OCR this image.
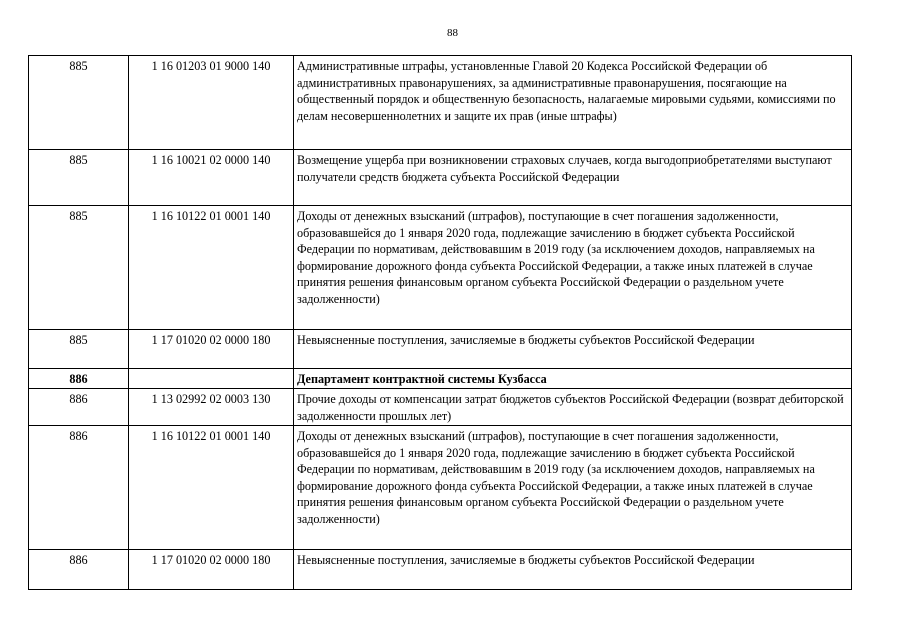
88
885	1 16 01203 01 9000 140	Административные штрафы, установленные Главой 20 Кодекса Российской Федерации об административных правонарушениях, за административные правонарушения, посягающие на общественный порядок и общественную безопасность, налагаемые мировыми судьями, комиссиями по делам несовершеннолетних и защите их прав (иные штрафы)
885	1 16 10021 02 0000 140	Возмещение ущерба при возникновении страховых случаев, когда выгодоприобретателями выступают получатели средств бюджета субъекта Российской Федерации
885	1 16 10122 01 0001 140	Доходы от денежных взысканий (штрафов), поступающие в счет погашения задолженности, образовавшейся до 1 января 2020 года, подлежащие зачислению в бюджет субъекта Российской Федерации по нормативам, действовавшим в 2019 году (за исключением доходов, направляемых на формирование дорожного фонда субъекта Российской Федерации, а также иных платежей в случае принятия решения финансовым органом субъекта Российской Федерации о раздельном учете задолженности)
885	1 17 01020 02 0000 180	Невыясненные поступления, зачисляемые в бюджеты субъектов Российской Федерации
886		Департамент контрактной системы Кузбасса
886	1 13 02992 02 0003 130	Прочие доходы от компенсации затрат бюджетов субъектов Российской Федерации (возврат дебиторской задолженности прошлых лет)
886	1 16 10122 01 0001 140	Доходы от денежных взысканий (штрафов), поступающие в счет погашения задолженности, образовавшейся до 1 января 2020 года, подлежащие зачислению в бюджет субъекта Российской Федерации по нормативам, действовавшим в 2019 году (за исключением доходов, направляемых на формирование дорожного фонда субъекта Российской Федерации, а также иных платежей в случае принятия решения финансовым органом субъекта Российской Федерации о раздельном учете задолженности)
886	1 17 01020 02 0000 180	Невыясненные поступления, зачисляемые в бюджеты субъектов Российской Федерации
